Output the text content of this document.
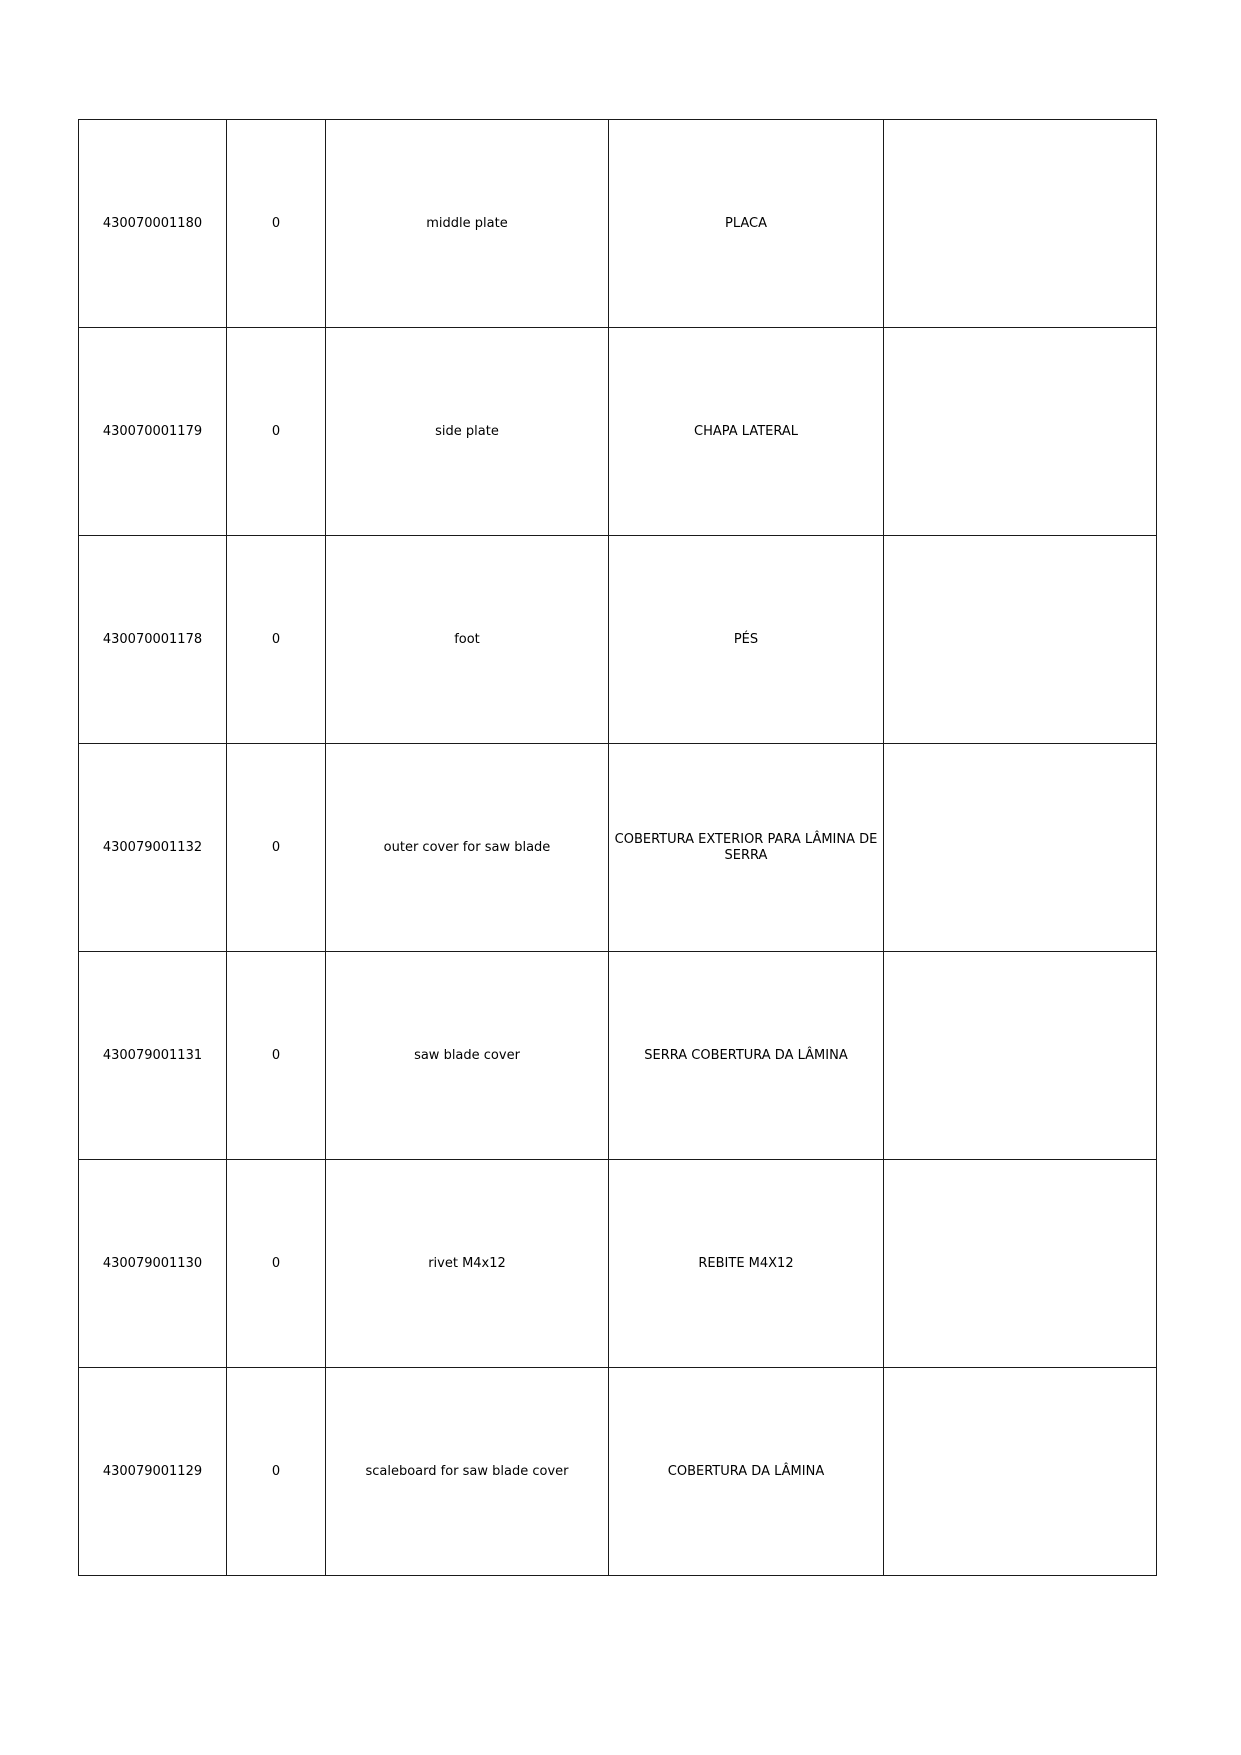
430070001180	0	middle plate	PLACA	
430070001179	0	side plate	CHAPA LATERAL	
430070001178	0	foot	PÉS	
430079001132	0	outer cover for saw blade	COBERTURA EXTERIOR PARA LÂMINA DE SERRA	
430079001131	0	saw blade cover	SERRA COBERTURA DA LÂMINA	
430079001130	0	rivet M4x12	REBITE M4X12	
430079001129	0	scaleboard for saw blade cover	COBERTURA DA LÂMINA	
